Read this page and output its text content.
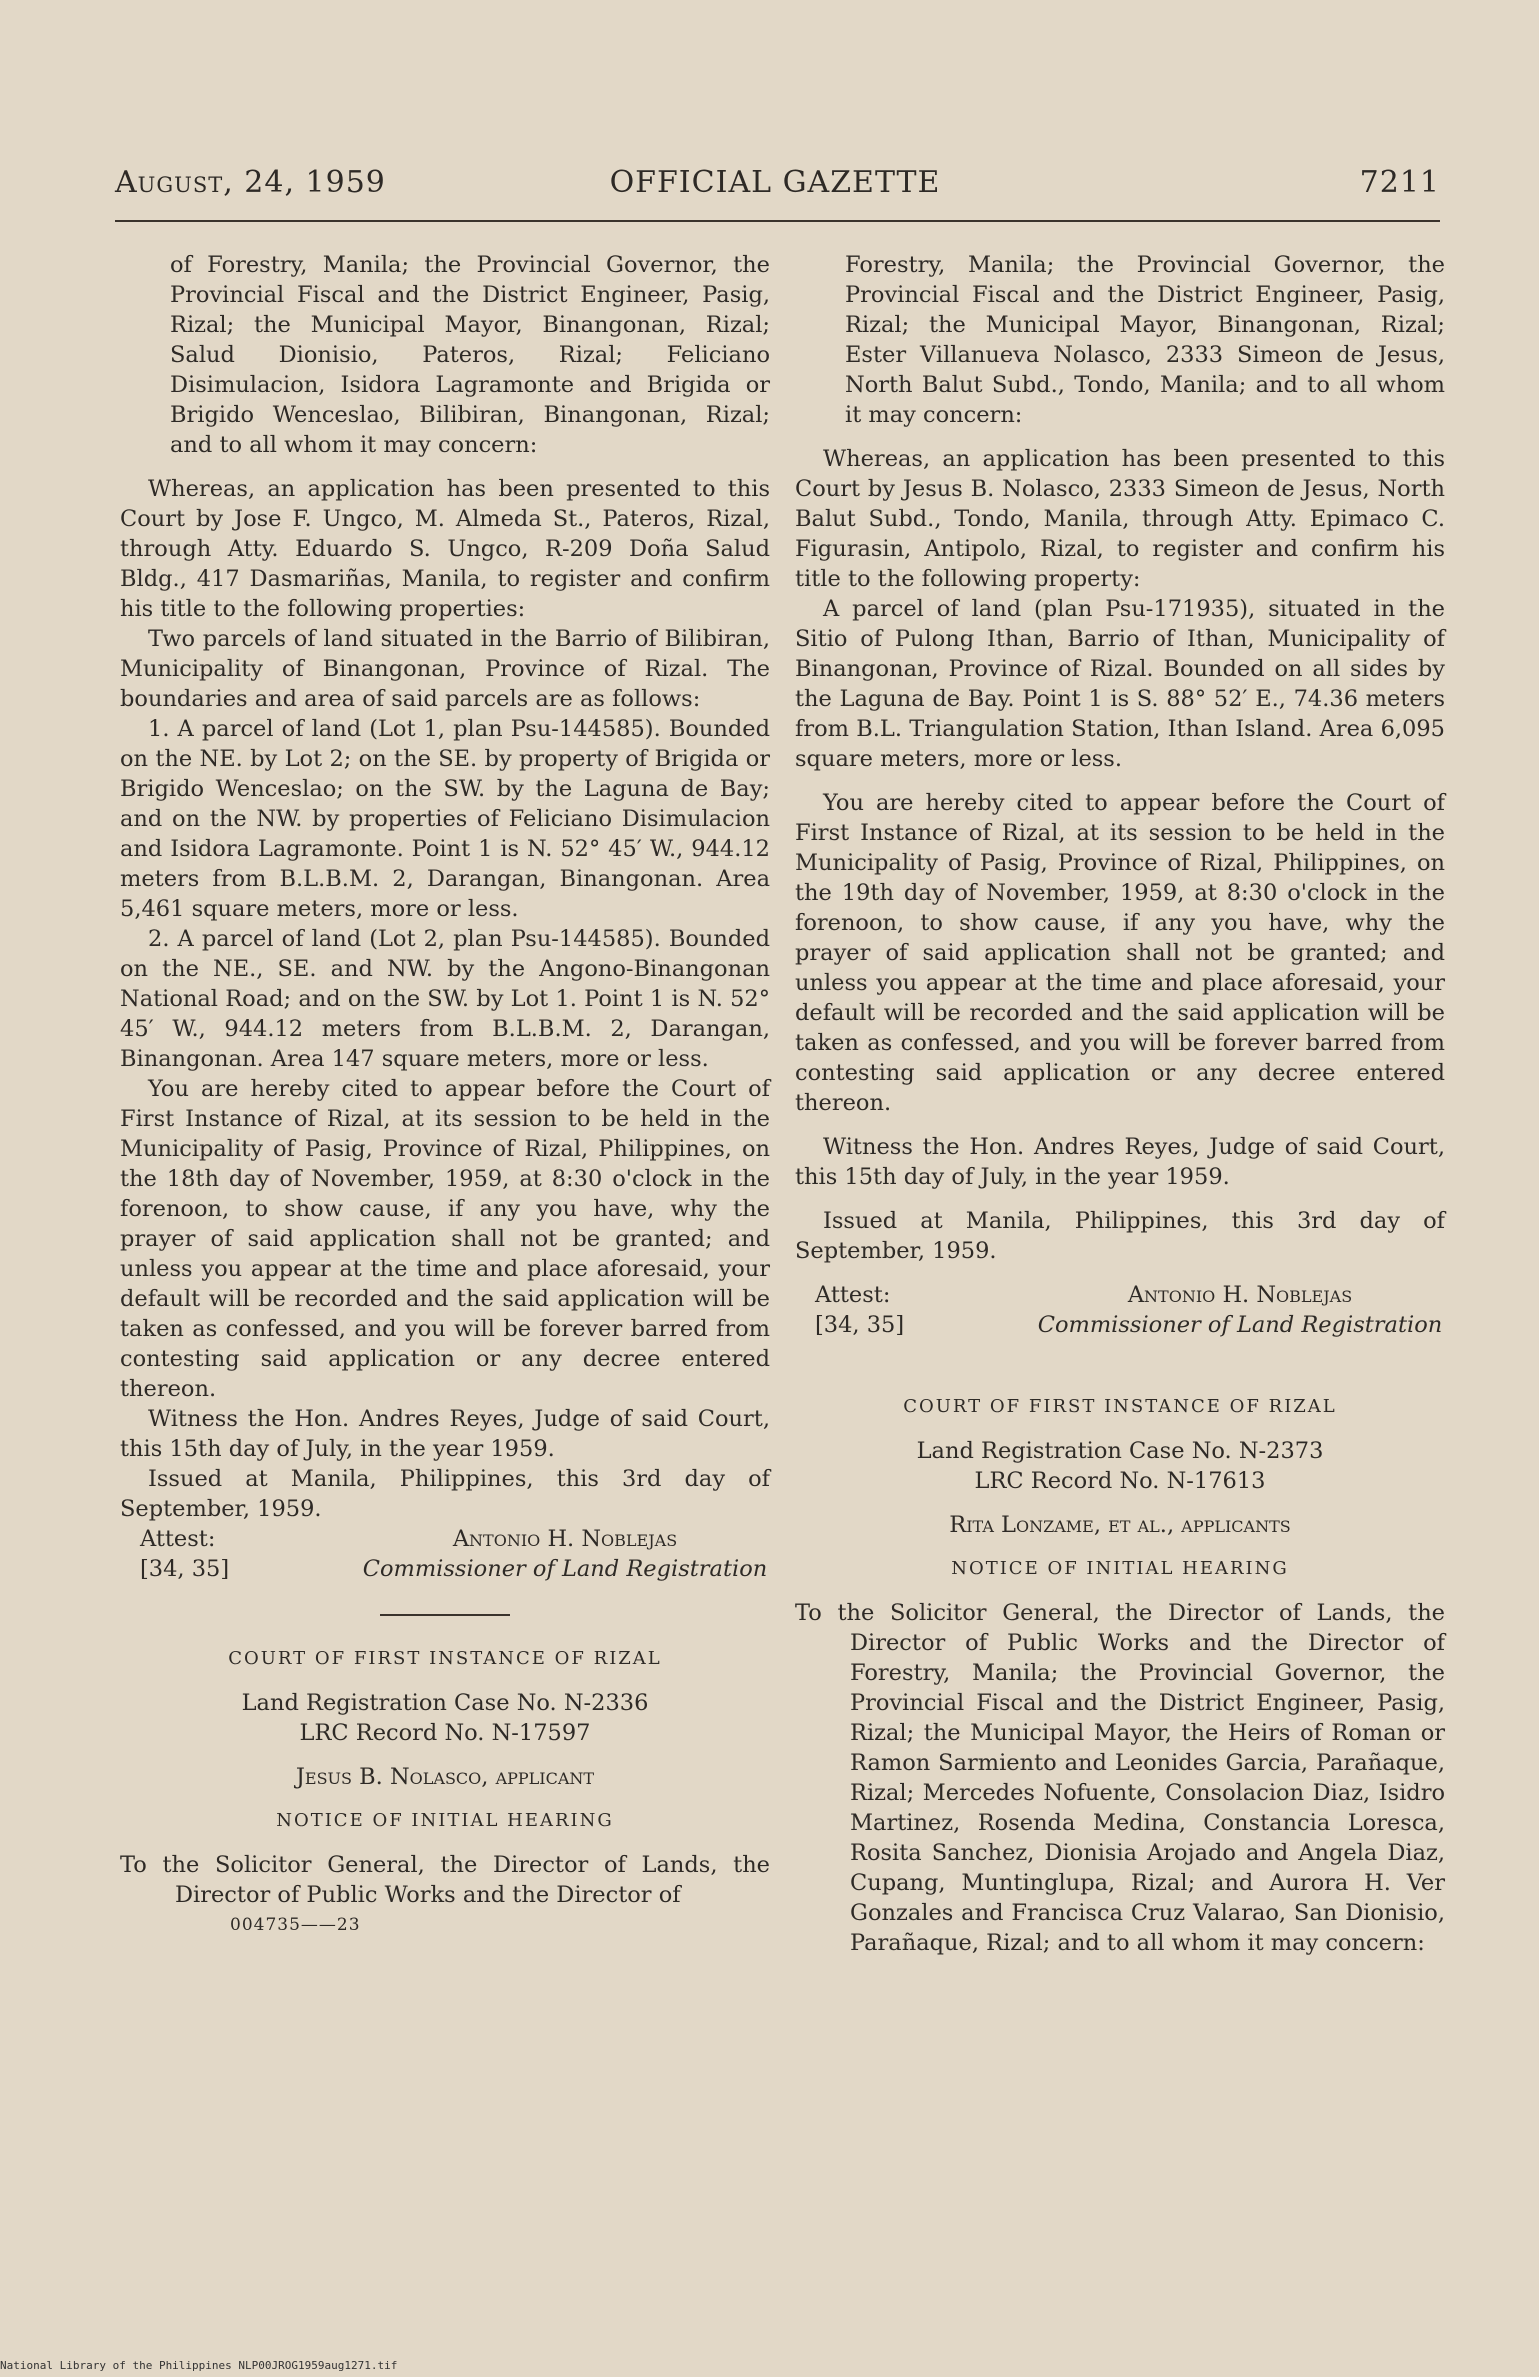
August, 24, 1959	OFFICIAL GAZETTE	7211

of Forestry, Manila; the Provincial Governor, the Provincial Fiscal and the District Engineer, Pasig, Rizal; the Municipal Mayor, Binangonan, Rizal; Salud Dionisio, Pateros, Rizal; Feliciano Disimulacion, Isidora Lagramonte and Brigida or Brigido Wenceslao, Bilibiran, Binangonan, Rizal; and to all whom it may concern:

Whereas, an application has been presented to this Court by Jose F. Ungco, M. Almeda St., Pateros, Rizal, through Atty. Eduardo S. Ungco, R-209 Doña Salud Bldg., 417 Dasmariñas, Manila, to register and confirm his title to the following properties:

Two parcels of land situated in the Barrio of Bilibiran, Municipality of Binangonan, Province of Rizal. The boundaries and area of said parcels are as follows:

1. A parcel of land (Lot 1, plan Psu-144585). Bounded on the NE. by Lot 2; on the SE. by property of Brigida or Brigido Wenceslao; on the SW. by the Laguna de Bay; and on the NW. by properties of Feliciano Disimulacion and Isidora Lagramonte. Point 1 is N. 52° 45′ W., 944.12 meters from B.L.B.M. 2, Darangan, Binangonan. Area 5,461 square meters, more or less.

2. A parcel of land (Lot 2, plan Psu-144585). Bounded on the NE., SE. and NW. by the Angono-Binangonan National Road; and on the SW. by Lot 1. Point 1 is N. 52° 45′ W., 944.12 meters from B.L.B.M. 2, Darangan, Binangonan. Area 147 square meters, more or less.

You are hereby cited to appear before the Court of First Instance of Rizal, at its session to be held in the Municipality of Pasig, Province of Rizal, Philippines, on the 18th day of November, 1959, at 8:30 o'clock in the forenoon, to show cause, if any you have, why the prayer of said application shall not be granted; and unless you appear at the time and place aforesaid, your default will be recorded and the said application will be taken as confessed, and you will be forever barred from contesting said application or any decree entered thereon.

Witness the Hon. Andres Reyes, Judge of said Court, this 15th day of July, in the year 1959.

Issued at Manila, Philippines, this 3rd day of September, 1959.

Attest:	Antonio H. Noblejas
[34, 35]	Commissioner of Land Registration

COURT OF FIRST INSTANCE OF RIZAL

Land Registration Case No. N-2336

LRC Record No. N-17597

Jesus B. Nolasco, applicant

NOTICE OF INITIAL HEARING

To the Solicitor General, the Director of Lands, the Director of Public Works and the Director of

004735——23

Forestry, Manila; the Provincial Governor, the Provincial Fiscal and the District Engineer, Pasig, Rizal; the Municipal Mayor, Binangonan, Rizal; Ester Villanueva Nolasco, 2333 Simeon de Jesus, North Balut Subd., Tondo, Manila; and to all whom it may concern:

Whereas, an application has been presented to this Court by Jesus B. Nolasco, 2333 Simeon de Jesus, North Balut Subd., Tondo, Manila, through Atty. Epimaco C. Figurasin, Antipolo, Rizal, to register and confirm his title to the following property:

A parcel of land (plan Psu-171935), situated in the Sitio of Pulong Ithan, Barrio of Ithan, Municipality of Binangonan, Province of Rizal. Bounded on all sides by the Laguna de Bay. Point 1 is S. 88° 52′ E., 74.36 meters from B.L. Triangulation Station, Ithan Island. Area 6,095 square meters, more or less.

You are hereby cited to appear before the Court of First Instance of Rizal, at its session to be held in the Municipality of Pasig, Province of Rizal, Philippines, on the 19th day of November, 1959, at 8:30 o'clock in the forenoon, to show cause, if any you have, why the prayer of said application shall not be granted; and unless you appear at the time and place aforesaid, your default will be recorded and the said application will be taken as confessed, and you will be forever barred from contesting said application or any decree entered thereon.

Witness the Hon. Andres Reyes, Judge of said Court, this 15th day of July, in the year 1959.

Issued at Manila, Philippines, this 3rd day of September, 1959.

Attest:	Antonio H. Noblejas
[34, 35]	Commissioner of Land Registration

COURT OF FIRST INSTANCE OF RIZAL

Land Registration Case No. N-2373

LRC Record No. N-17613

Rita Lonzame, et al., applicants

NOTICE OF INITIAL HEARING

To the Solicitor General, the Director of Lands, the Director of Public Works and the Director of Forestry, Manila; the Provincial Governor, the Provincial Fiscal and the District Engineer, Pasig, Rizal; the Municipal Mayor, the Heirs of Roman or Ramon Sarmiento and Leonides Garcia, Parañaque, Rizal; Mercedes Nofuente, Consolacion Diaz, Isidro Martinez, Rosenda Medina, Constancia Loresca, Rosita Sanchez, Dionisia Arojado and Angela Diaz, Cupang, Muntinglupa, Rizal; and Aurora H. Ver Gonzales and Francisca Cruz Valarao, San Dionisio, Parañaque, Rizal; and to all whom it may concern:

National Library of the Philippines NLP00JROG1959aug1271.tif
